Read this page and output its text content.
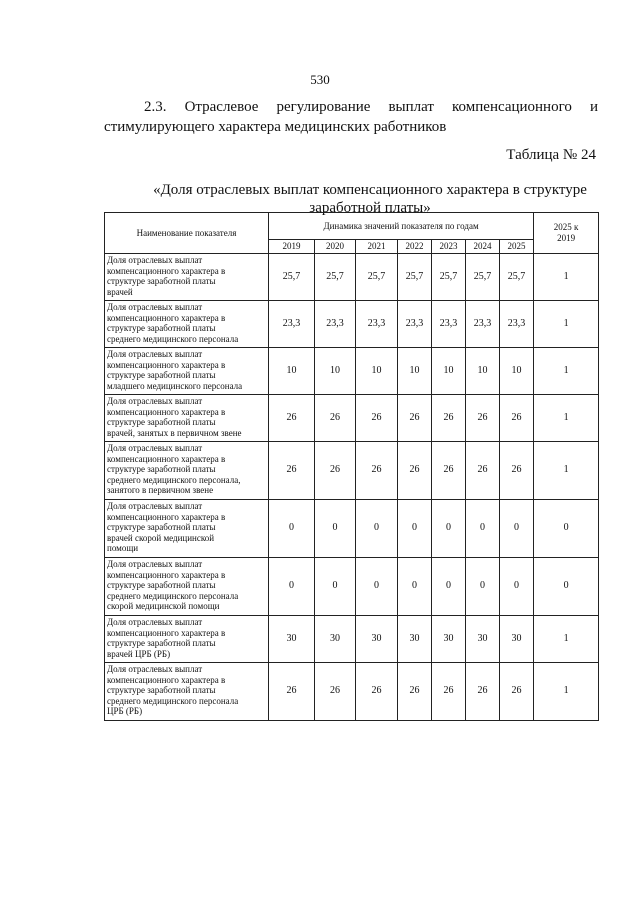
530
2.3. Отраслевое регулирование выплат компенсационного и
стимулирующего характера медицинских работников
Таблица № 24
«Доля отраслевых выплат компенсационного характера в структуре
заработной платы»
Наименование показателя	Динамика значений показателя по годам							2025 к
2019

	2019	2020	2021	2022	2023	2024	2025	

Доля отраслевых выплат
компенсационного характера в
структуре заработной платы
врачей	25,7	25,7	25,7	25,7	25,7	25,7	25,7	1

Доля отраслевых выплат
компенсационного характера в
структуре заработной платы
среднего медицинского персонала	23,3	23,3	23,3	23,3	23,3	23,3	23,3	1

Доля отраслевых выплат
компенсационного характера в
структуре заработной платы
младшего медицинского персонала	10	10	10	10	10	10	10	1

Доля отраслевых выплат
компенсационного характера в
структуре заработной платы
врачей, занятых в первичном звене	26	26	26	26	26	26	26	1

Доля отраслевых выплат
компенсационного характера в
структуре заработной платы
среднего медицинского персонала,
занятого в первичном звене	26	26	26	26	26	26	26	1

Доля отраслевых выплат
компенсационного характера в
структуре заработной платы
врачей скорой медицинской
помощи	0	0	0	0	0	0	0	0

Доля отраслевых выплат
компенсационного характера в
структуре заработной платы
среднего медицинского персонала
скорой медицинской помощи	0	0	0	0	0	0	0	0

Доля отраслевых выплат
компенсационного характера в
структуре заработной платы
врачей ЦРБ (РБ)	30	30	30	30	30	30	30	1

Доля отраслевых выплат
компенсационного характера в
структуре заработной платы
среднего медицинского персонала
ЦРБ (РБ)	26	26	26	26	26	26	26	1
